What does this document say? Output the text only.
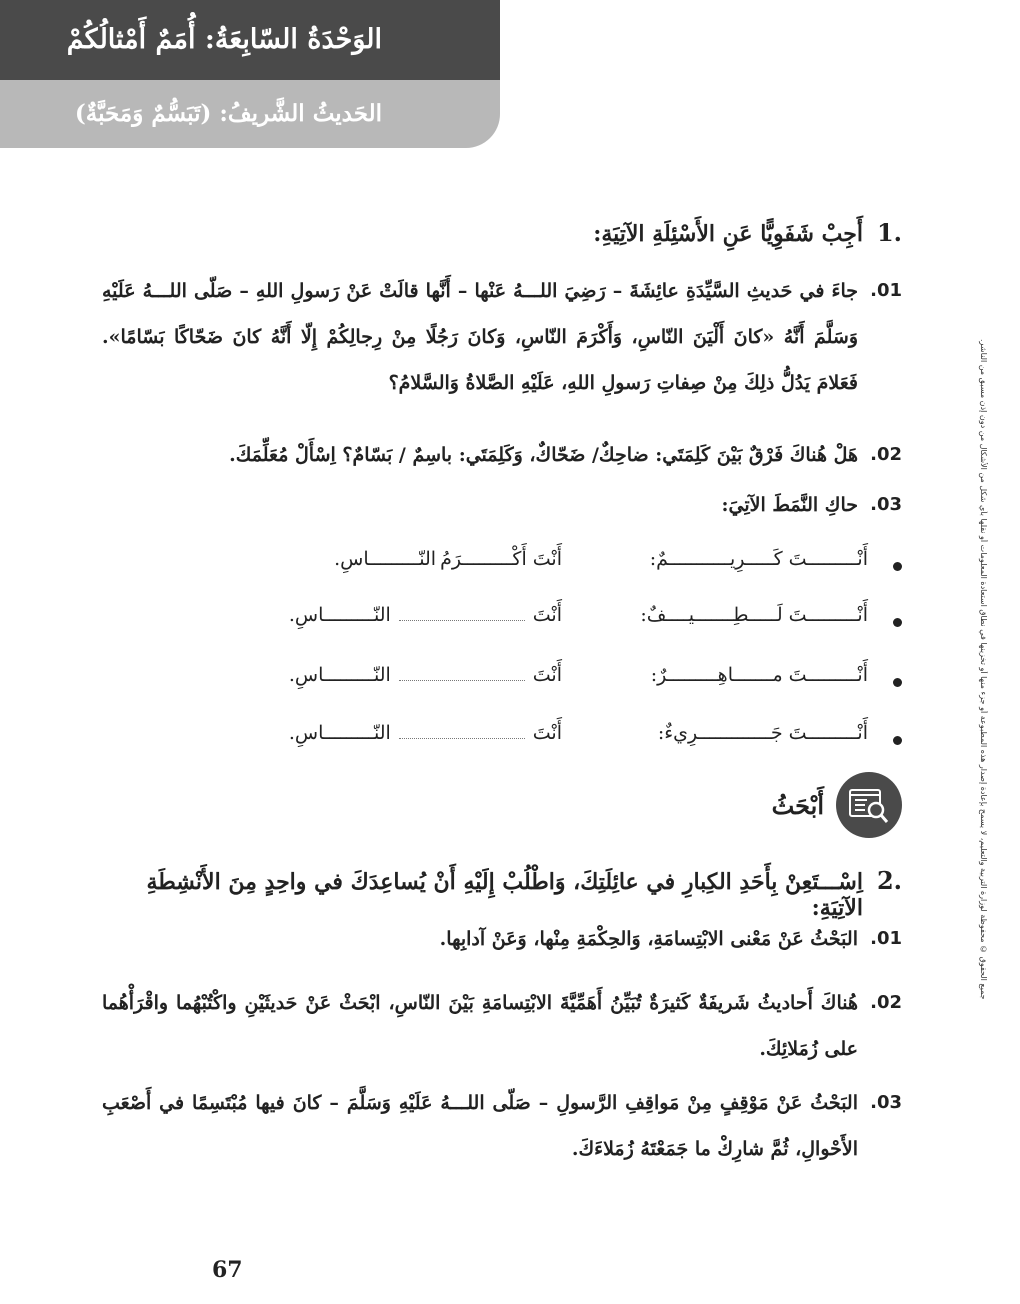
الوَحْدَةُ السّابِعَةُ: أُمَمٌ أَمْثالُكُمْ
الحَديثُ الشَّريفُ: (تَبَسُّمٌ وَمَحَبَّةٌ)
.1
أَجِبْ شَفَوِيًّا عَنِ الأَسْئِلَةِ الآتِيَةِ:
.01
جاءَ في حَديثِ السَّيِّدَةِ عائِشَةَ – رَضِيَ اللـــهُ عَنْها – أَنَّها قالَتْ عَنْ رَسولِ اللهِ – صَلّى اللـــهُ عَلَيْهِ وَسَلَّمَ أَنَّهُ «كانَ أَلْيَنَ النّاسِ، وَأَكْرَمَ النّاسِ، وَكانَ رَجُلًا مِنْ رِجالِكُمْ إِلّا أَنَّهُ كانَ ضَحّاكًا بَسّامًا». فَعَلامَ يَدُلُّ ذلِكَ مِنْ صِفاتِ رَسولِ اللهِ، عَلَيْهِ الصَّلاةُ وَالسَّلامُ؟
.02
هَلْ هُناكَ فَرْقٌ بَيْنَ كَلِمَتَي: ضاحِكٌ/ ضَحّاكٌ، وَكَلِمَتَي: باسِمٌ / بَسّامٌ؟ اِسْأَلْ مُعَلِّمَكَ.
.03
حاكِ النَّمَطَ الآتِيَ:
أَنْـــــــــتَ كَـــــرِيـــــــــــمٌ:
أَنْتَ أَكْـــــــــرَمُ
النّـــــــــاسِ.
أَنْـــــــــتَ لَـــــطِـــــــيــــفٌ:
أَنْتَ
النّـــــــــاسِ.
أَنْـــــــــتَ مـــــــاهِـــــــــرٌ:
أَنْتَ
النّـــــــــاسِ.
أَنْـــــــــتَ جَـــــــــــــرِيءٌ:
أَنْتَ
النّـــــــــاسِ.
أَبْحَثُ
.2
اِسْـــتَعِنْ بِأَحَدِ الكِبارِ في عائِلَتِكَ، وَاطْلُبْ إِلَيْهِ أَنْ يُساعِدَكَ في واحِدٍ مِنَ الأَنْشِطَةِ الآتِيَةِ:
.01
البَحْثُ عَنْ مَعْنى الابْتِسامَةِ، وَالحِكْمَةِ مِنْها، وَعَنْ آدابِها.
.02
هُناكَ أَحاديثُ شَريفَةٌ كَثيرَةٌ تُبَيِّنُ أَهَمِّيَّةَ الابْتِسامَةِ بَيْنَ النّاسِ، ابْحَثْ عَنْ حَديثَيْنِ واكْتُبْهُما واقْرَأْهُما على زُمَلائِكَ.
.03
البَحْثُ عَنْ مَوْقِفٍ مِنْ مَواقِفِ الرَّسولِ – صَلّى اللـــهُ عَلَيْهِ وَسَلَّمَ – كانَ فيها مُبْتَسِمًا في أَصْعَبِ الأَحْوالِ، ثُمَّ شارِكْ ما جَمَعْتَهُ زُمَلاءَكَ.
جميع الحقوق © محفوظة لوزارة التربية والتعليم، لا يسمح بإعادة إصدار هذه المطبوعة أو جزء منها أو تخزينها في نطاق استعادة المعلومات أو نقلها بأي شكل من الأشكال من دون إذن مسبق من الناشر.
67
